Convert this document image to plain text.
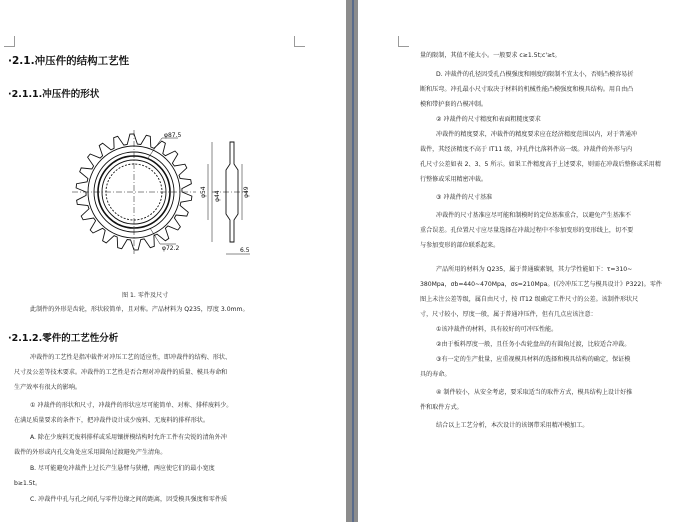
·2.1.冲压件的结构工艺性
·2.1.1.冲压件的形状
φ87.5
φ72.2
φ54	φ49
φ44
6.5
图 1. 零件及尺寸
此制件的外形是齿轮，形状较简单，且对称。产品材料为 Q235，厚度 3.0mm。
·2.1.2.零件的工艺性分析
冲裁件的工艺性是指冲裁件对冲压工艺的适应性，即冲裁件的结构、形状、
尺寸及公差等技术要求。冲裁件的工艺性是否合理对冲裁件的质量、模具寿命和
生产效率有很大的影响。
① 冲裁件的形状和尺寸，冲裁件的形状应尽可能简单、对称、排样废料少。
在满足质量要求的条件下，把冲裁件设计成少废料、无废料的排样形状。
A. 除在少废料无废料排样或采用镶拼模结构时允许工件有尖锐的清角外冲
裁件的外形或内孔交角处应采用圆角过渡避免产生清角。
B. 尽可能避免冲裁件上过长产生悬臂与狭槽，两应使它们的最小宽度
b≥1.5t。
C. 冲裁件中孔与孔之间孔与零件边缘之间的距离，因受模具强度和零件质
量的限制，其值不能太小。一般要求 c≥1.5t;c'≥t。
D. 冲裁件的孔径因受孔凸模强度和刚度的限制不宜太小，否则凸模容易折
断和压弯。冲孔最小尺寸取决于材料的机械性能凸模强度和模具结构。用自由凸
模和带护套的凸模冲制。
② 冲裁件的尺寸精度和表面粗糙度要求
冲裁件的精度要求，冲裁件的精度要求应在经济精度范围以内，对于普通冲
裁件，其经济精度不高于 IT11 级，冲孔件比落料件高一级。冲裁件的外形与内
孔尺寸公差如表 2、3、5 所示。如果工件精度高于上述要求，则需在冲裁后整修或采用精
行整修或采用精密冲裁。
③ 冲裁件的尺寸基准
冲裁件的尺寸基准应尽可能和制模时的定位基准重合，以避免产生基准不
重合误差。孔位置尺寸应尽量选择在冲裁过程中不参加变形的变形线上，切不要
与参加变形的部位联系起来。
产品所用的材料为 Q235，属于普通碳素钢，其力学性能如下：τ=310~
380Mpa，σb=440~470Mpa，σs=210Mpa。(《冷冲压工艺与模具设计》P322)。零件
图上未注公差等级，属自由尺寸，按 IT12 级确定工件尺寸的公差。该制件形状尺
寸，尺寸较小，厚度一般，属于普通冲压件，但有几点应该注意：
①该冲裁件的材料，具有较好的可冲压性能。
②由于板料厚度一般，且任务小齿轮盘出的有圆角过渡，比较适合冲裁。
③有一定的生产批量，应重视模具材料的选择和模具结构的确定，保证模
具的寿命。
④ 制件较小，从安全考虑，要采取适当的取件方式，模具结构上设计好推
件和取件方式。
结合以上工艺分析，本次设计的该钢带采用精冲模加工。
